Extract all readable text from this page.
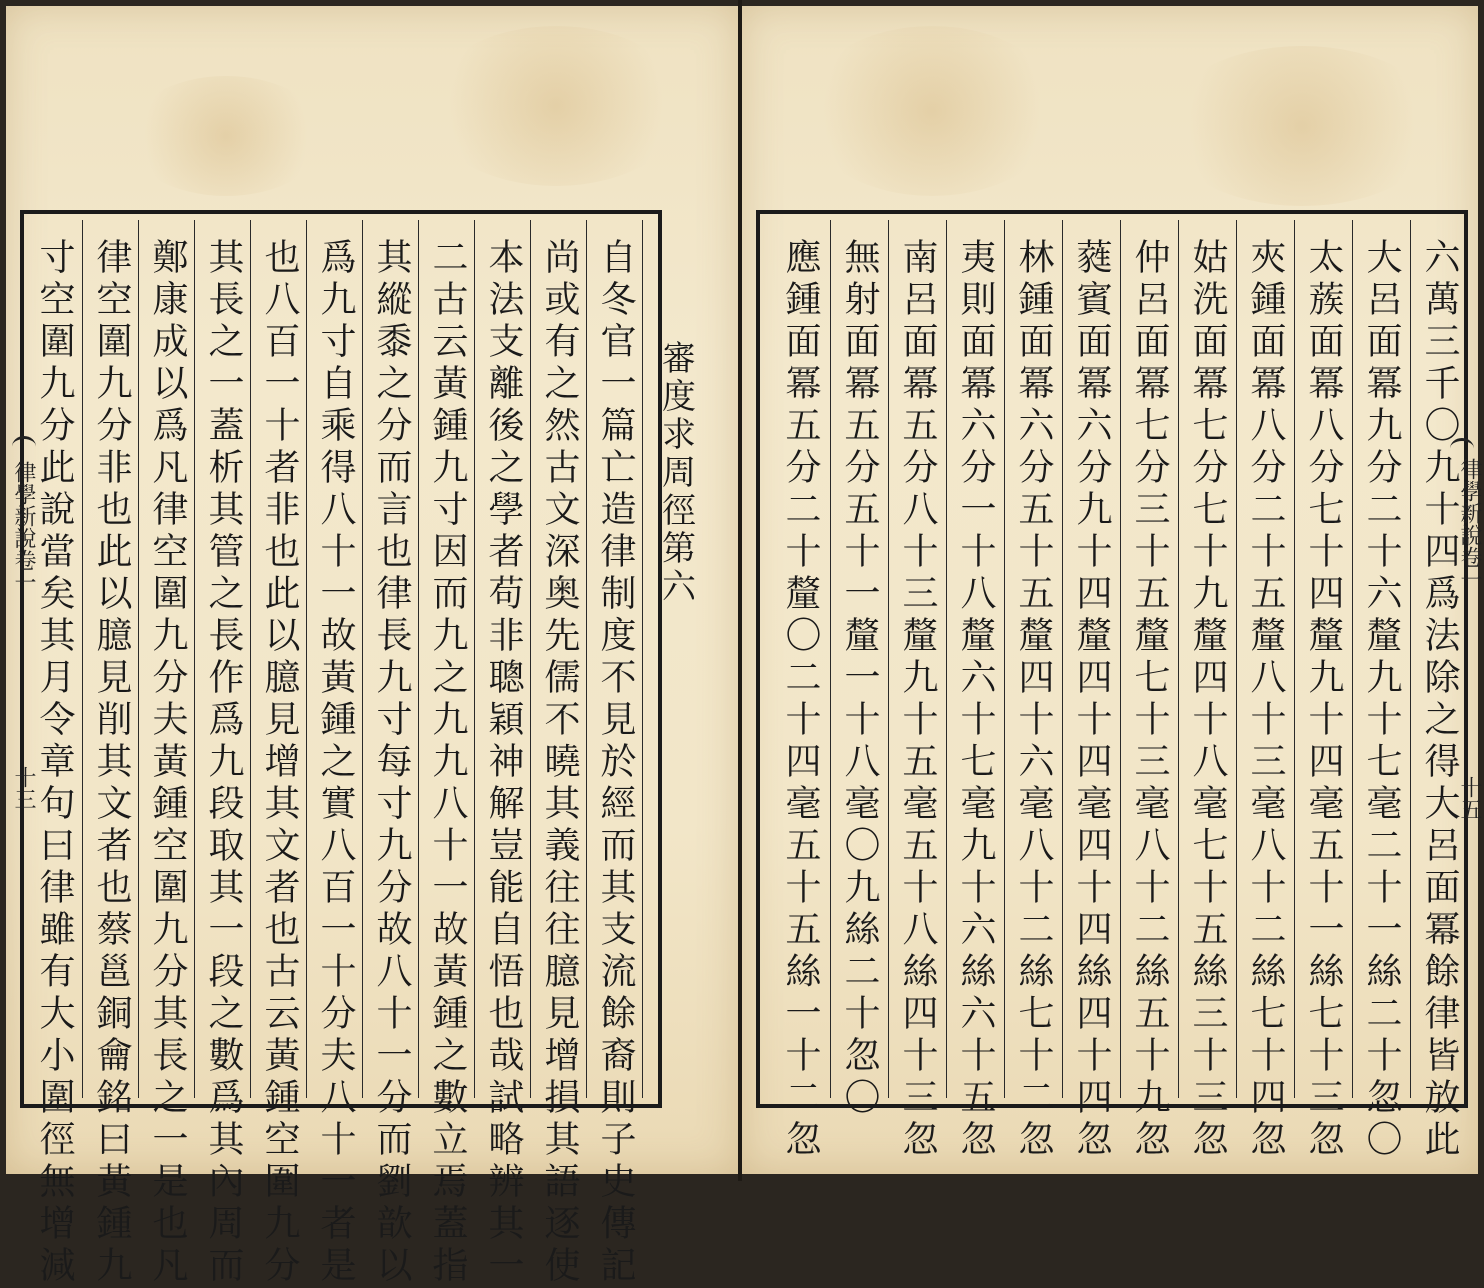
寸空圍九分此說當矣其月令章句曰律雖有大小圍徑無增減 律空圍九分非也此以臆見削其文者也蔡邕銅龠銘曰黃鍾九 鄭康成以爲凡律空圍九分夫黃鍾空圍九分其長之一是也凡 其長之一蓋析其管之長作爲九段取其一段之數爲其內周而 也八百一十者非也此以臆見增其文者也古云黃鍾空圍九分 爲九寸自乘得八十一故黃鍾之實八百一十分夫八十一者是 其縱黍之分而言也律長九寸每寸九分故八十一分而劉歆以 二古云黃鍾九寸因而九之九九八十一故黃鍾之數立焉蓋指 本法支離後之學者苟非聰穎神解豈能自悟也哉試略辨其一 尚或有之然古文深奥先儒不曉其義往往臆見增損其語逐使 自冬官一篇亡造律制度不見於經而其支流餘裔則子史傳記 審度求周徑第六
律學新說卷一
十三	應鍾面冪五分二十釐〇二十四毫五十五絲一十二忽 無射面冪五分五十一釐一十八毫〇九絲二十忽〇 南呂面冪五分八十三釐九十五毫五十八絲四十三忽 夷則面冪六分一十八釐六十七毫九十六絲六十五忽 林鍾面冪六分五十五釐四十六毫八十二絲七十二忽 蕤賓面冪六分九十四釐四十四毫四十四絲四十四忽 仲呂面冪七分三十五釐七十三毫八十二絲五十九忽 姑洗面冪七分七十九釐四十八毫七十五絲三十三忽 夾鍾面冪八分二十五釐八十三毫八十二絲七十四忽 太蔟面冪八分七十四釐九十四毫五十一絲七十三忽 大呂面冪九分二十六釐九十七毫二十一絲二十忽〇 六萬三千〇九十四爲法除之得大呂面冪餘律皆放此
律學新說卷一
十五
